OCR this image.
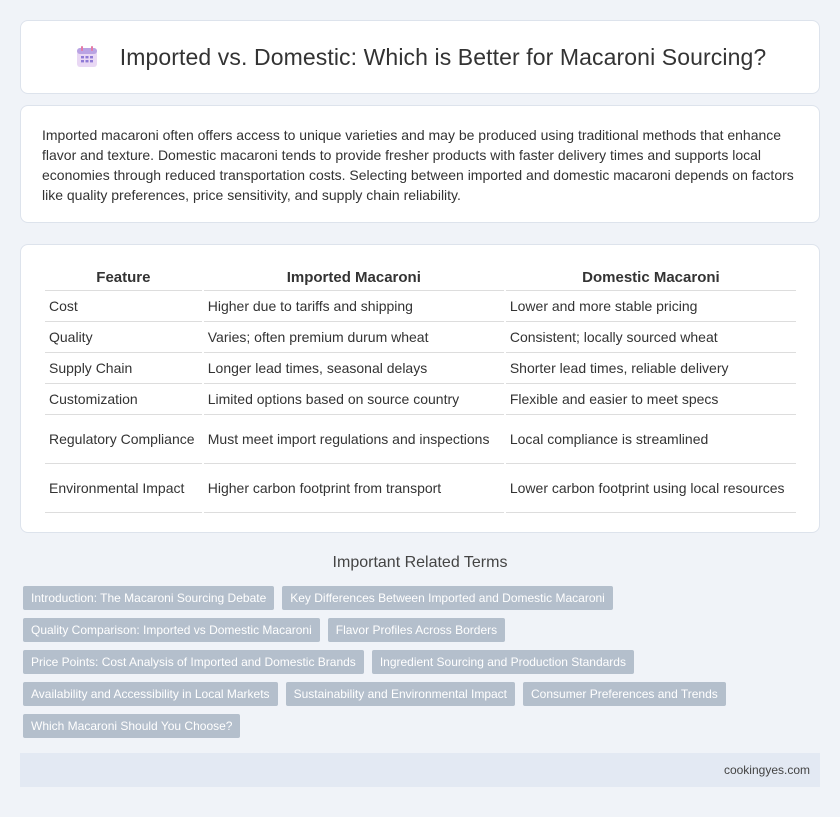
Imported vs. Domestic: Which is Better for Macaroni Sourcing?

Imported macaroni often offers access to unique varieties and may be produced using traditional methods that enhance flavor and texture. Domestic macaroni tends to provide fresher products with faster delivery times and supports local economies through reduced transportation costs. Selecting between imported and domestic macaroni depends on factors like quality preferences, price sensitivity, and supply chain reliability.

Feature	Imported Macaroni	Domestic Macaroni
Cost	Higher due to tariffs and shipping	Lower and more stable pricing
Quality	Varies; often premium durum wheat	Consistent; locally sourced wheat
Supply Chain	Longer lead times, seasonal delays	Shorter lead times, reliable delivery
Customization	Limited options based on source country	Flexible and easier to meet specs
Regulatory Compliance	Must meet import regulations and inspections	Local compliance is streamlined
Environmental Impact	Higher carbon footprint from transport	Lower carbon footprint using local resources
Important Related Terms
Introduction: The Macaroni Sourcing Debate	Key Differences Between Imported and Domestic Macaroni
Quality Comparison: Imported vs Domestic Macaroni	Flavor Profiles Across Borders
Price Points: Cost Analysis of Imported and Domestic Brands	Ingredient Sourcing and Production Standards
Availability and Accessibility in Local Markets	Sustainability and Environmental Impact	Consumer Preferences and Trends
Which Macaroni Should You Choose?
cookingyes.com
